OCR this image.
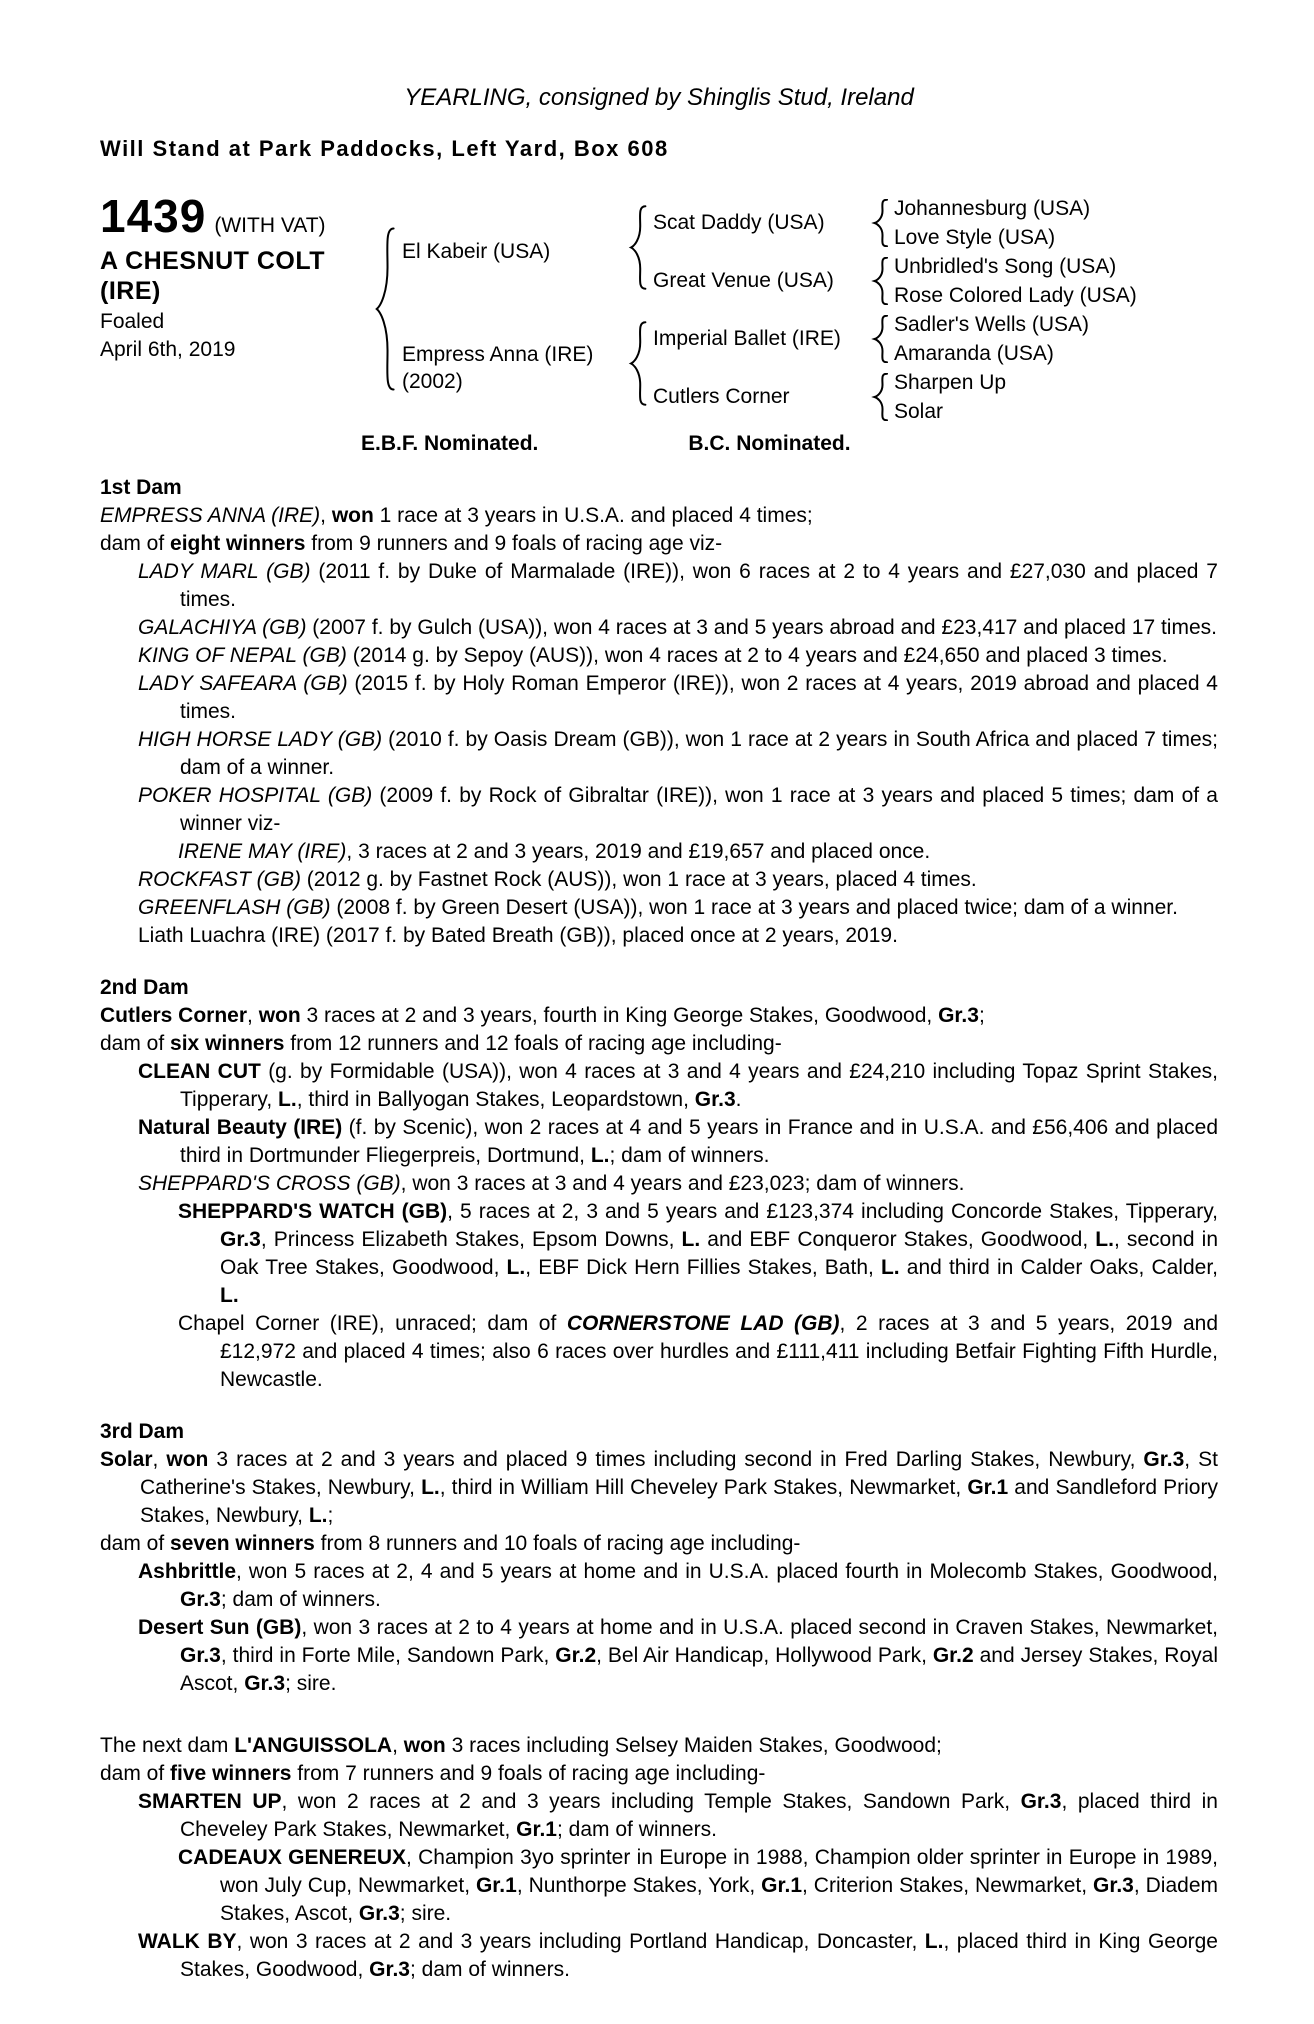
YEARLING, consigned by Shinglis Stud, Ireland
Will Stand at Park Paddocks, Left Yard, Box 608
1439 (WITH VAT)
A CHESNUT COLT
(IRE)
Foaled
April 6th, 2019
El Kabeir (USA)
Empress Anna (IRE)
(2002)
Scat Daddy (USA)
Great Venue (USA)
Imperial Ballet (IRE)
Cutlers Corner
Johannesburg (USA)
Love Style (USA)
Unbridled's Song (USA)
Rose Colored Lady (USA)
Sadler's Wells (USA)
Amaranda (USA)
Sharpen Up
Solar
E.B.F. Nominated.	B.C. Nominated.
1st Dam

EMPRESS ANNA (IRE), won 1 race at 3 years in U.S.A. and placed 4 times;

dam of eight winners from 9 runners and 9 foals of racing age viz-

LADY MARL (GB) (2011 f. by Duke of Marmalade (IRE)), won 6 races at 2 to 4 years and £27,030 and placed 7 times.

GALACHIYA (GB) (2007 f. by Gulch (USA)), won 4 races at 3 and 5 years abroad and £23,417 and placed 17 times.

KING OF NEPAL (GB) (2014 g. by Sepoy (AUS)), won 4 races at 2 to 4 years and £24,650 and placed 3 times.

LADY SAFEARA (GB) (2015 f. by Holy Roman Emperor (IRE)), won 2 races at 4 years, 2019 abroad and placed 4 times.

HIGH HORSE LADY (GB) (2010 f. by Oasis Dream (GB)), won 1 race at 2 years in South Africa and placed 7 times; dam of a winner.

POKER HOSPITAL (GB) (2009 f. by Rock of Gibraltar (IRE)), won 1 race at 3 years and placed 5 times; dam of a winner viz-

IRENE MAY (IRE), 3 races at 2 and 3 years, 2019 and £19,657 and placed once.

ROCKFAST (GB) (2012 g. by Fastnet Rock (AUS)), won 1 race at 3 years, placed 4 times.

GREENFLASH (GB) (2008 f. by Green Desert (USA)), won 1 race at 3 years and placed twice; dam of a winner.

Liath Luachra (IRE) (2017 f. by Bated Breath (GB)), placed once at 2 years, 2019.

2nd Dam

Cutlers Corner, won 3 races at 2 and 3 years, fourth in King George Stakes, Goodwood, Gr.3;

dam of six winners from 12 runners and 12 foals of racing age including-

CLEAN CUT (g. by Formidable (USA)), won 4 races at 3 and 4 years and £24,210 including Topaz Sprint Stakes, Tipperary, L., third in Ballyogan Stakes, Leopardstown, Gr.3.

Natural Beauty (IRE) (f. by Scenic), won 2 races at 4 and 5 years in France and in U.S.A. and £56,406 and placed third in Dortmunder Fliegerpreis, Dortmund, L.; dam of winners.

SHEPPARD'S CROSS (GB), won 3 races at 3 and 4 years and £23,023; dam of winners.

SHEPPARD'S WATCH (GB), 5 races at 2, 3 and 5 years and £123,374 including Concorde Stakes, Tipperary, Gr.3, Princess Elizabeth Stakes, Epsom Downs, L. and EBF Conqueror Stakes, Goodwood, L., second in Oak Tree Stakes, Goodwood, L., EBF Dick Hern Fillies Stakes, Bath, L. and third in Calder Oaks, Calder, L.

Chapel Corner (IRE), unraced; dam of CORNERSTONE LAD (GB), 2 races at 3 and 5 years, 2019 and £12,972 and placed 4 times; also 6 races over hurdles and £111,411 including Betfair Fighting Fifth Hurdle, Newcastle.

3rd Dam

Solar, won 3 races at 2 and 3 years and placed 9 times including second in Fred Darling Stakes, Newbury, Gr.3, St Catherine's Stakes, Newbury, L., third in William Hill Cheveley Park Stakes, Newmarket, Gr.1 and Sandleford Priory Stakes, Newbury, L.;

dam of seven winners from 8 runners and 10 foals of racing age including-

Ashbrittle, won 5 races at 2, 4 and 5 years at home and in U.S.A. placed fourth in Molecomb Stakes, Goodwood, Gr.3; dam of winners.

Desert Sun (GB), won 3 races at 2 to 4 years at home and in U.S.A. placed second in Craven Stakes, Newmarket, Gr.3, third in Forte Mile, Sandown Park, Gr.2, Bel Air Handicap, Hollywood Park, Gr.2 and Jersey Stakes, Royal Ascot, Gr.3; sire.

The next dam L'ANGUISSOLA, won 3 races including Selsey Maiden Stakes, Goodwood;

dam of five winners from 7 runners and 9 foals of racing age including-

SMARTEN UP, won 2 races at 2 and 3 years including Temple Stakes, Sandown Park, Gr.3, placed third in Cheveley Park Stakes, Newmarket, Gr.1; dam of winners.

CADEAUX GENEREUX, Champion 3yo sprinter in Europe in 1988, Champion older sprinter in Europe in 1989, won July Cup, Newmarket, Gr.1, Nunthorpe Stakes, York, Gr.1, Criterion Stakes, Newmarket, Gr.3, Diadem Stakes, Ascot, Gr.3; sire.

WALK BY, won 3 races at 2 and 3 years including Portland Handicap, Doncaster, L., placed third in King George Stakes, Goodwood, Gr.3; dam of winners.
